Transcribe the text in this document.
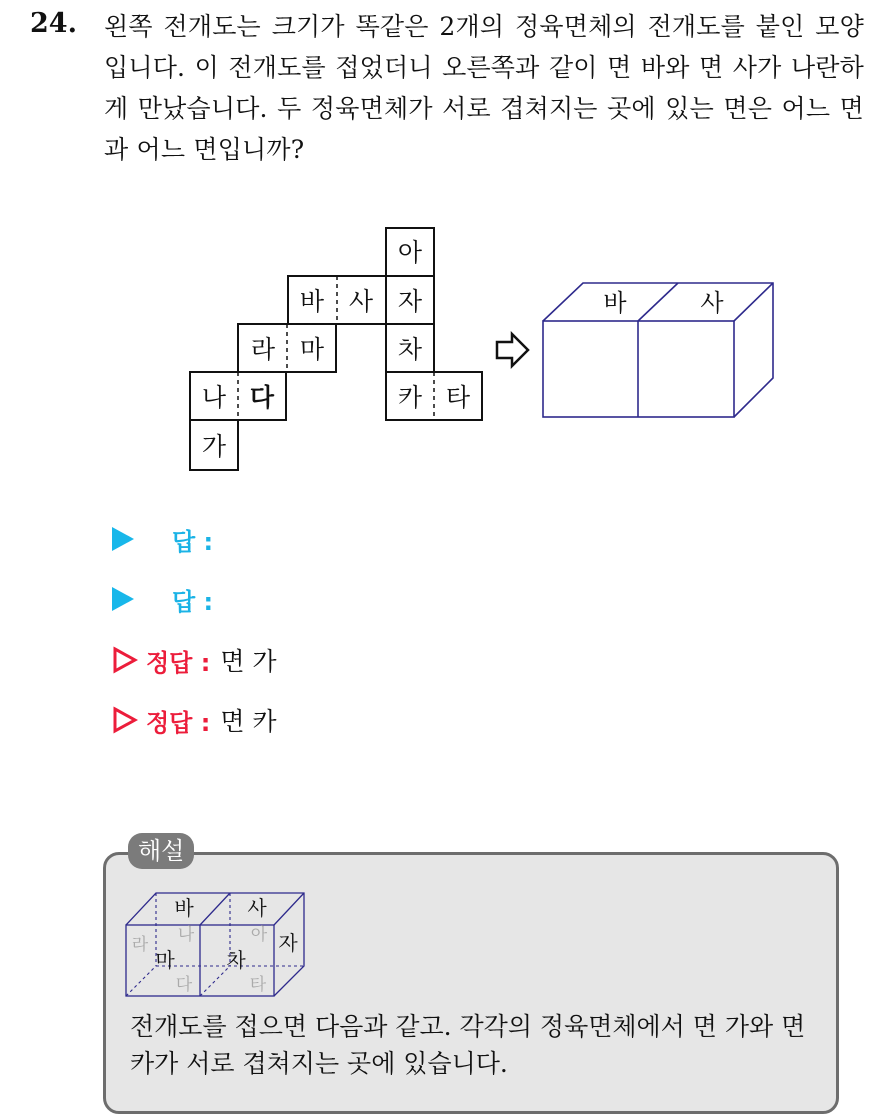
24. 왼쪽 전개도는 크기가 똑같은 2개의 정육면체의 전개도를 붙인 모양입니다. 이 전개도를 접었더니 오른쪽과 같이 면 바와 면 사가 나란하게 만났습니다. 두 정육면체가 서로 겹쳐지는 곳에 있는 면은 어느 면과 어느 면입니까?
아
바 사 자
라 마	차
나 다	카 타
가
바	사
답 :
답 :
정답 : 면 가
정답 : 면 카
해설
바	사
나	아
라	자
마	차
다	타
전개도를 접으면 다음과 같고. 각각의 정육면체에서 면 가와 면 카가 서로 겹쳐지는 곳에 있습니다.
